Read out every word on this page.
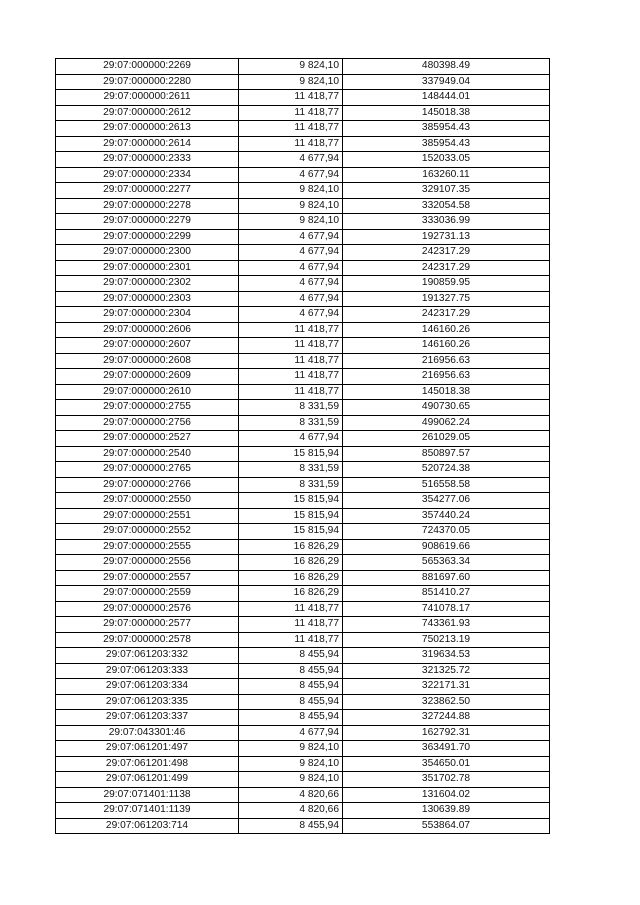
29:07:000000:2269	9 824,10	480398.49
29:07:000000:2280	9 824,10	337949.04
29:07:000000:2611	11 418,77	148444.01
29:07:000000:2612	11 418,77	145018.38
29:07:000000:2613	11 418,77	385954.43
29:07:000000:2614	11 418,77	385954.43
29:07:000000:2333	4 677,94	152033.05
29:07:000000:2334	4 677,94	163260.11
29:07:000000:2277	9 824,10	329107.35
29:07:000000:2278	9 824,10	332054.58
29:07:000000:2279	9 824,10	333036.99
29:07:000000:2299	4 677,94	192731.13
29:07:000000:2300	4 677,94	242317.29
29:07:000000:2301	4 677,94	242317.29
29:07:000000:2302	4 677,94	190859.95
29:07:000000:2303	4 677,94	191327.75
29:07:000000:2304	4 677,94	242317.29
29:07:000000:2606	11 418,77	146160.26
29:07:000000:2607	11 418,77	146160.26
29:07:000000:2608	11 418,77	216956.63
29:07:000000:2609	11 418,77	216956.63
29:07:000000:2610	11 418,77	145018.38
29:07:000000:2755	8 331,59	490730.65
29:07:000000:2756	8 331,59	499062.24
29:07:000000:2527	4 677,94	261029.05
29:07:000000:2540	15 815,94	850897.57
29:07:000000:2765	8 331,59	520724.38
29:07:000000:2766	8 331,59	516558.58
29:07:000000:2550	15 815,94	354277.06
29:07:000000:2551	15 815,94	357440.24
29:07:000000:2552	15 815,94	724370.05
29:07:000000:2555	16 826,29	908619.66
29:07:000000:2556	16 826,29	565363.34
29:07:000000:2557	16 826,29	881697.60
29:07:000000:2559	16 826,29	851410.27
29:07:000000:2576	11 418,77	741078.17
29:07:000000:2577	11 418,77	743361.93
29:07:000000:2578	11 418,77	750213.19
29:07:061203:332	8 455,94	319634.53
29:07:061203:333	8 455,94	321325.72
29:07:061203:334	8 455,94	322171.31
29:07:061203:335	8 455,94	323862.50
29:07:061203:337	8 455,94	327244.88
29:07:043301:46	4 677,94	162792.31
29:07:061201:497	9 824,10	363491.70
29:07:061201:498	9 824,10	354650.01
29:07:061201:499	9 824,10	351702.78
29:07:071401:1138	4 820,66	131604.02
29:07:071401:1139	4 820,66	130639.89
29:07:061203:714	8 455,94	553864.07
